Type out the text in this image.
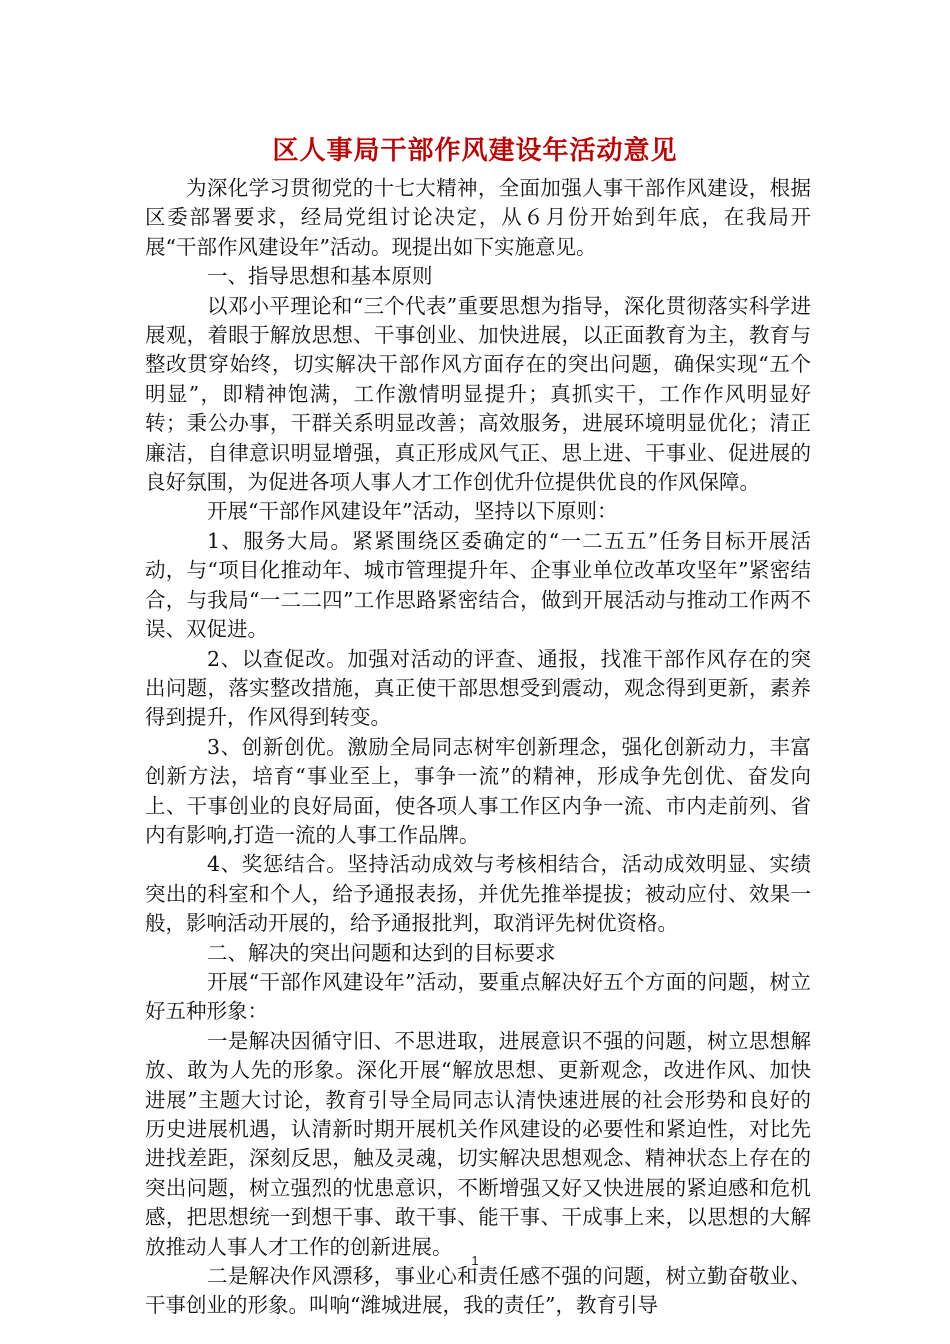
区人事局干部作风建设年活动意见

为深化学习贯彻党的十七大精神，全面加强人事干部作风建设，根据区委部署要求，经局党组讨论决定，从６月份开始到年底，在我局开展“干部作风建设年”活动。现提出如下实施意见。

一、指导思想和基本原则

以邓小平理论和“三个代表”重要思想为指导，深化贯彻落实科学进展观，着眼于解放思想、干事创业、加快进展，以正面教育为主，教育与整改贯穿始终，切实解决干部作风方面存在的突出问题，确保实现“五个明显”，即精神饱满，工作激情明显提升；真抓实干，工作作风明显好转；秉公办事，干群关系明显改善；高效服务，进展环境明显优化；清正廉洁，自律意识明显增强，真正形成风气正、思上进、干事业、促进展的良好氛围，为促进各项人事人才工作创优升位提供优良的作风保障。

开展“干部作风建设年”活动，坚持以下原则：

1、服务大局。紧紧围绕区委确定的“一二五五”任务目标开展活动，与“项目化推动年、城市管理提升年、企事业单位改革攻坚年”紧密结合，与我局“一二二四”工作思路紧密结合，做到开展活动与推动工作两不误、双促进。

2、以查促改。加强对活动的评查、通报，找准干部作风存在的突出问题，落实整改措施，真正使干部思想受到震动，观念得到更新，素养得到提升，作风得到转变。

3、创新创优。激励全局同志树牢创新理念，强化创新动力，丰富创新方法，培育“事业至上，事争一流”的精神，形成争先创优、奋发向上、干事创业的良好局面，使各项人事工作区内争一流、市内走前列、省内有影响,打造一流的人事工作品牌。

4、奖惩结合。坚持活动成效与考核相结合，活动成效明显、实绩突出的科室和个人，给予通报表扬，并优先推举提拔；被动应付、效果一般，影响活动开展的，给予通报批判，取消评先树优资格。

二、解决的突出问题和达到的目标要求

开展“干部作风建设年”活动，要重点解决好五个方面的问题，树立好五种形象：

一是解决因循守旧、不思进取，进展意识不强的问题，树立思想解放、敢为人先的形象。深化开展“解放思想、更新观念，改进作风、加快进展”主题大讨论，教育引导全局同志认清快速进展的社会形势和良好的历史进展机遇，认清新时期开展机关作风建设的必要性和紧迫性，对比先进找差距，深刻反思，触及灵魂，切实解决思想观念、精神状态上存在的突出问题，树立强烈的忧患意识，不断增强又好又快进展的紧迫感和危机感，把思想统一到想干事、敢干事、能干事、干成事上来，以思想的大解放推动人事人才工作的创新进展。

二是解决作风漂移，事业心和责任感不强的问题，树立勤奋敬业、干事创业的形象。叫响“潍城进展，我的责任”，教育引导

1
